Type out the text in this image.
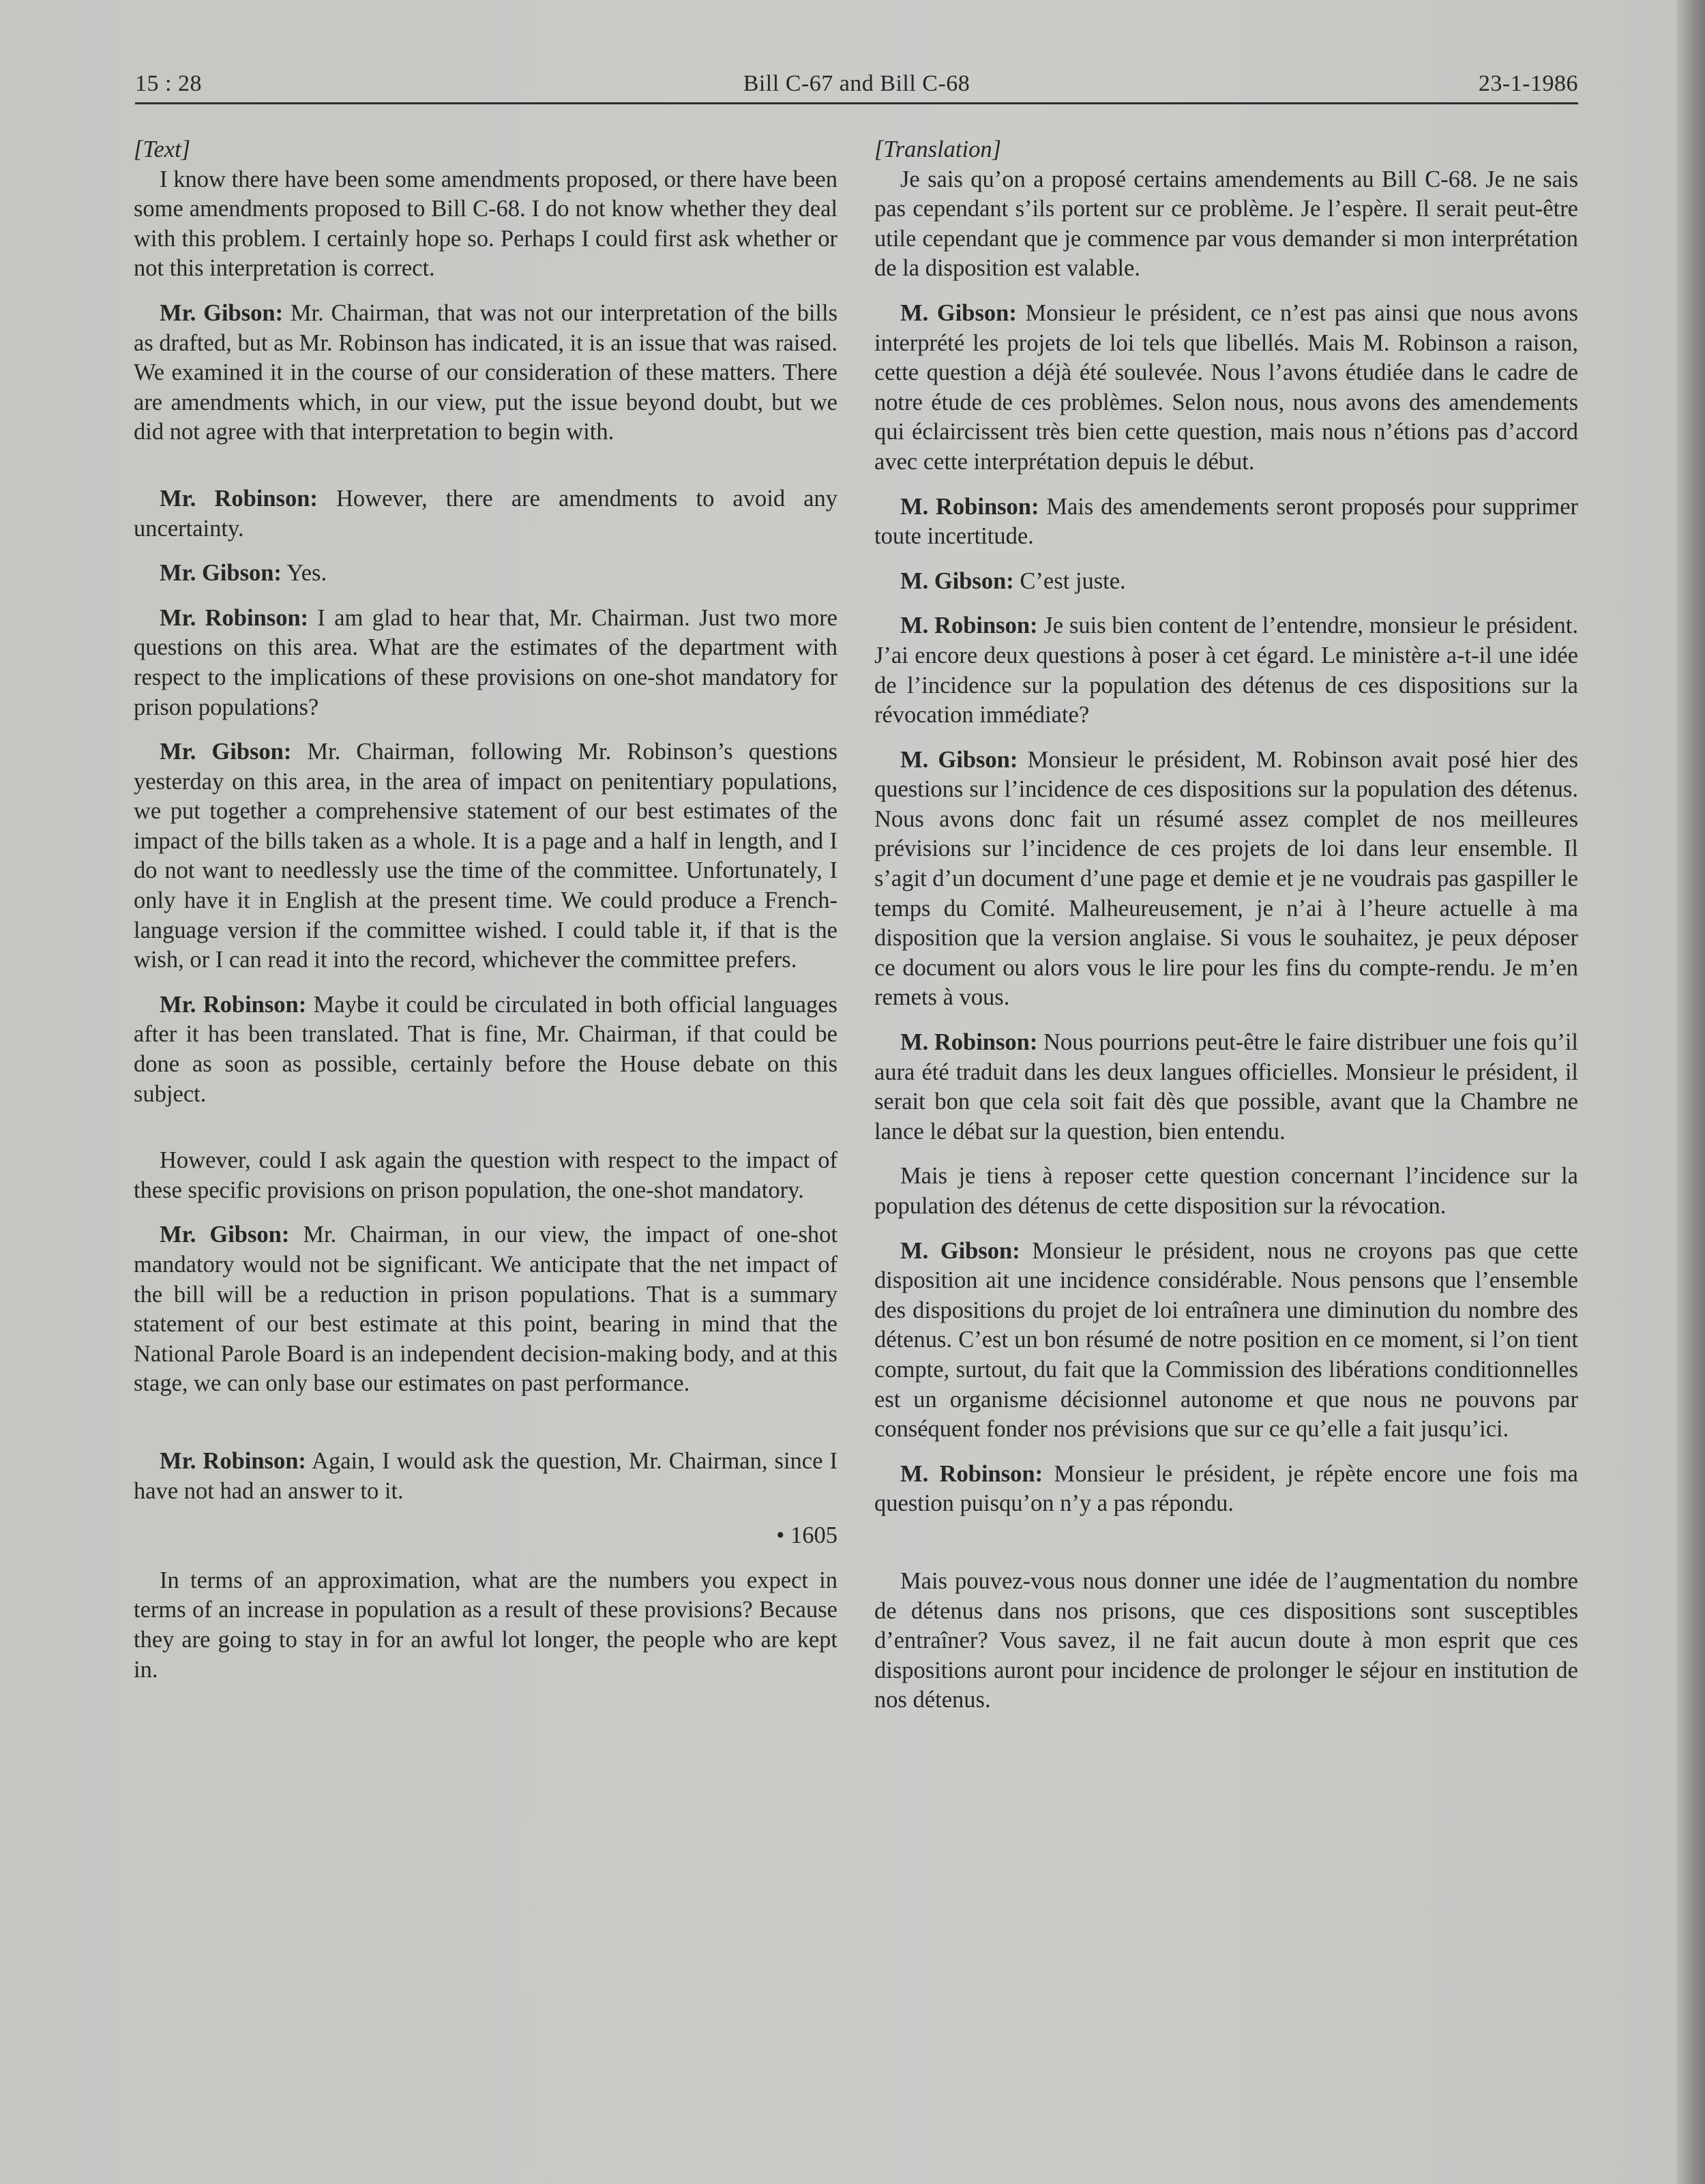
15 : 28	Bill C-67 and Bill C-68	23-1-1986

[Text]

I know there have been some amendments proposed, or there have been some amendments proposed to Bill C-68. I do not know whether they deal with this problem. I certainly hope so. Perhaps I could first ask whether or not this interpretation is correct.

Mr. Gibson: Mr. Chairman, that was not our interpretation of the bills as drafted, but as Mr. Robinson has indicated, it is an issue that was raised. We examined it in the course of our consideration of these matters. There are amendments which, in our view, put the issue beyond doubt, but we did not agree with that interpretation to begin with.

Mr. Robinson: However, there are amendments to avoid any uncertainty.

Mr. Gibson: Yes.

Mr. Robinson: I am glad to hear that, Mr. Chairman. Just two more questions on this area. What are the estimates of the department with respect to the implications of these provisions on one-shot mandatory for prison populations?

Mr. Gibson: Mr. Chairman, following Mr. Robinson’s questions yesterday on this area, in the area of impact on penitentiary populations, we put together a comprehensive statement of our best estimates of the impact of the bills taken as a whole. It is a page and a half in length, and I do not want to needlessly use the time of the committee. Unfortunately, I only have it in English at the present time. We could produce a French-language version if the committee wished. I could table it, if that is the wish, or I can read it into the record, whichever the committee prefers.

Mr. Robinson: Maybe it could be circulated in both official languages after it has been translated. That is fine, Mr. Chairman, if that could be done as soon as possible, certainly before the House debate on this subject.

However, could I ask again the question with respect to the impact of these specific provisions on prison population, the one-shot mandatory.

Mr. Gibson: Mr. Chairman, in our view, the impact of one-shot mandatory would not be significant. We anticipate that the net impact of the bill will be a reduction in prison populations. That is a summary statement of our best estimate at this point, bearing in mind that the National Parole Board is an independent decision-making body, and at this stage, we can only base our estimates on past performance.

Mr. Robinson: Again, I would ask the question, Mr. Chairman, since I have not had an answer to it.

• 1605

In terms of an approximation, what are the numbers you expect in terms of an increase in population as a result of these provisions? Because they are going to stay in for an awful lot longer, the people who are kept in.

[Translation]

Je sais qu’on a proposé certains amendements au Bill C-68. Je ne sais pas cependant s’ils portent sur ce problème. Je l’espère. Il serait peut-être utile cependant que je commence par vous demander si mon interprétation de la disposition est valable.

M. Gibson: Monsieur le président, ce n’est pas ainsi que nous avons interprété les projets de loi tels que libellés. Mais M. Robinson a raison, cette question a déjà été soulevée. Nous l’avons étudiée dans le cadre de notre étude de ces problèmes. Selon nous, nous avons des amendements qui éclaircissent très bien cette question, mais nous n’étions pas d’accord avec cette interprétation depuis le début.

M. Robinson: Mais des amendements seront proposés pour supprimer toute incertitude.

M. Gibson: C’est juste.

M. Robinson: Je suis bien content de l’entendre, monsieur le président. J’ai encore deux questions à poser à cet égard. Le ministère a-t-il une idée de l’incidence sur la population des détenus de ces dispositions sur la révocation immédiate?

M. Gibson: Monsieur le président, M. Robinson avait posé hier des questions sur l’incidence de ces dispositions sur la population des détenus. Nous avons donc fait un résumé assez complet de nos meilleures prévisions sur l’incidence de ces projets de loi dans leur ensemble. Il s’agit d’un document d’une page et demie et je ne voudrais pas gaspiller le temps du Comité. Malheureusement, je n’ai à l’heure actuelle à ma disposition que la version anglaise. Si vous le souhaitez, je peux déposer ce document ou alors vous le lire pour les fins du compte-rendu. Je m’en remets à vous.

M. Robinson: Nous pourrions peut-être le faire distribuer une fois qu’il aura été traduit dans les deux langues officielles. Monsieur le président, il serait bon que cela soit fait dès que possible, avant que la Chambre ne lance le débat sur la question, bien entendu.

Mais je tiens à reposer cette question concernant l’incidence sur la population des détenus de cette disposition sur la révocation.

M. Gibson: Monsieur le président, nous ne croyons pas que cette disposition ait une incidence considérable. Nous pensons que l’ensemble des dispositions du projet de loi entraînera une diminution du nombre des détenus. C’est un bon résumé de notre position en ce moment, si l’on tient compte, surtout, du fait que la Commission des libérations conditionnelles est un organisme décisionnel autonome et que nous ne pouvons par conséquent fonder nos prévisions que sur ce qu’elle a fait jusqu’ici.

M. Robinson: Monsieur le président, je répète encore une fois ma question puisqu’on n’y a pas répondu.

Mais pouvez-vous nous donner une idée de l’augmentation du nombre de détenus dans nos prisons, que ces dispositions sont susceptibles d’entraîner? Vous savez, il ne fait aucun doute à mon esprit que ces dispositions auront pour incidence de prolonger le séjour en institution de nos détenus.
